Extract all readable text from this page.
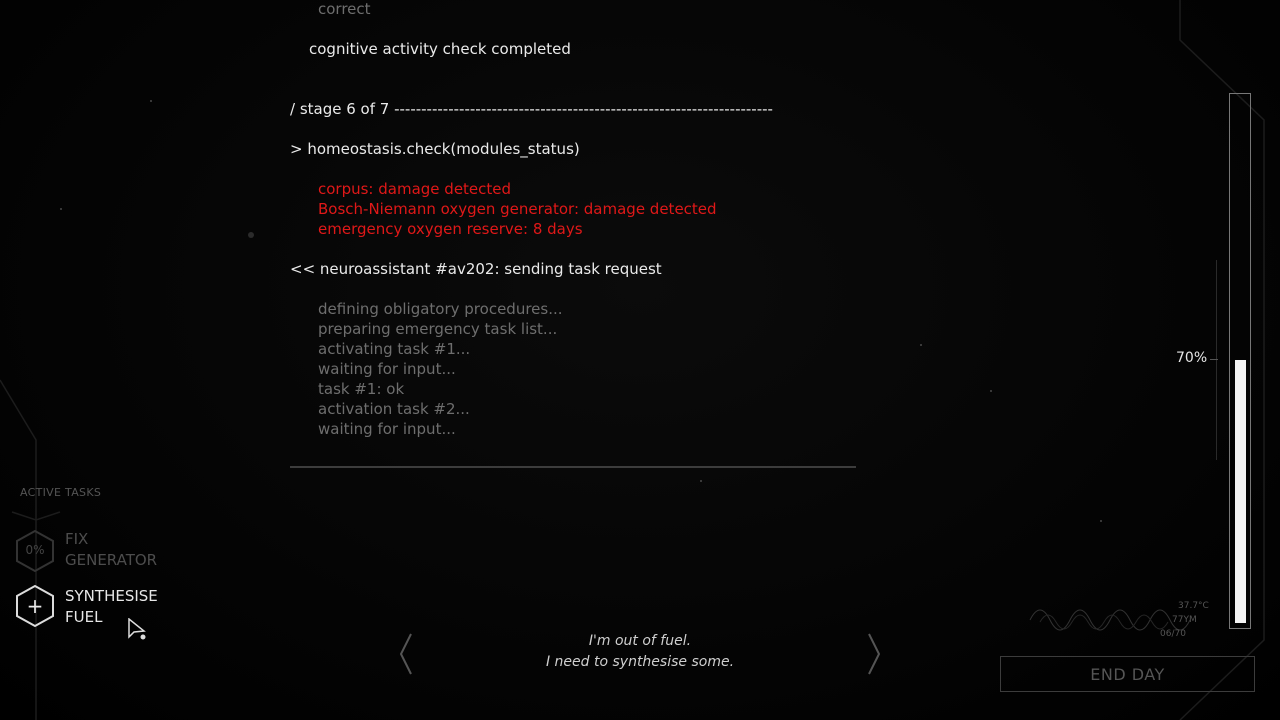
correct
cognitive activity check completed
/ stage 6 of 7 ----------------------------------------------------------------------
> homeostasis.check(modules_status)
corpus: damage detected
Bosch-Niemann oxygen generator: damage detected
emergency oxygen reserve: 8 days
<< neuroassistant #av202: sending task request
defining obligatory procedures...
preparing emergency task list...
activating task #1...
waiting for input...
task #1: ok
activation task #2...
waiting for input...
ACTIVE TASKS
0%
FIX
GENERATOR
+	SYNTHESISE
FUEL
I'm out of fuel.
I need to synthesise some.
70%
37.7°C
77YM
06/70
END DAY
